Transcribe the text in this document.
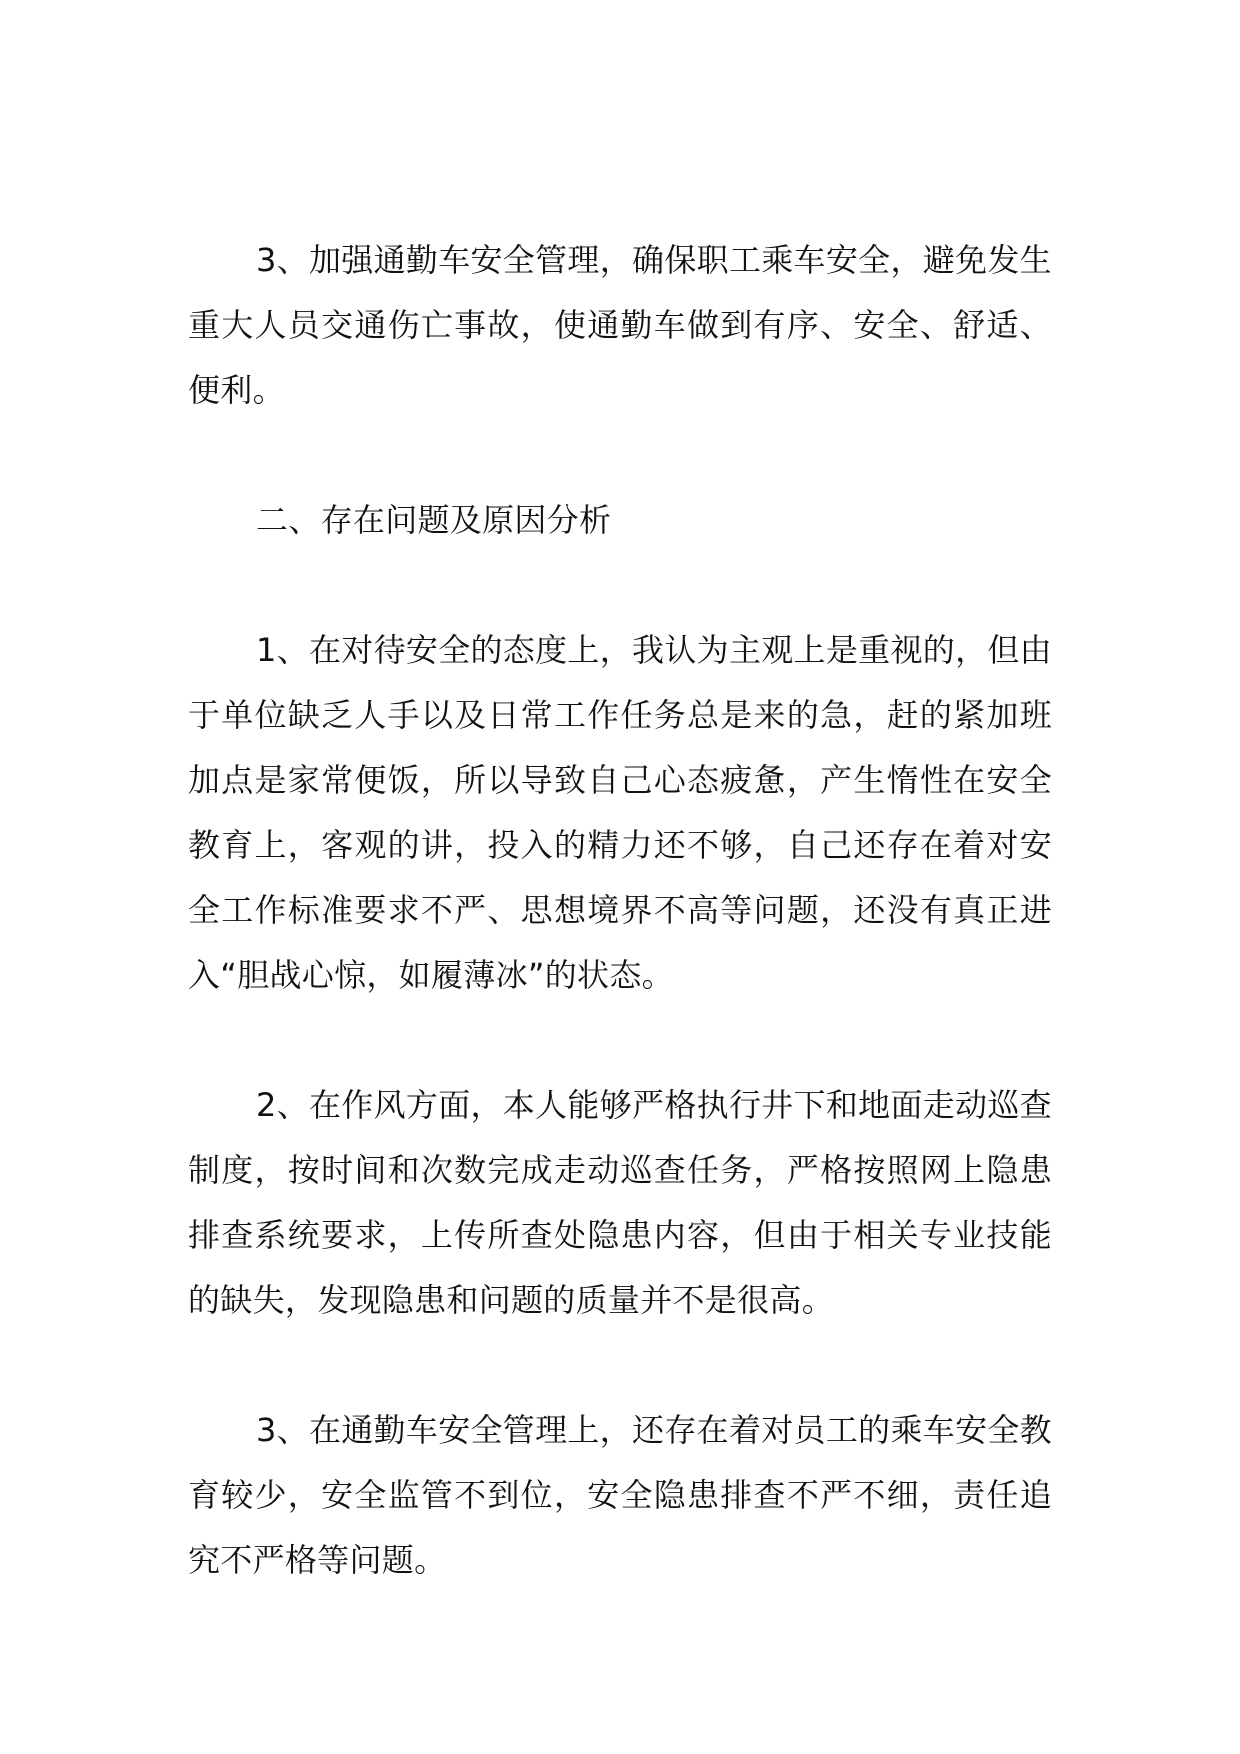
3、加强通勤车安全管理，确保职工乘车安全，避免发生重大人员交通伤亡事故，使通勤车做到有序、安全、舒适、便利。

二、存在问题及原因分析

1、在对待安全的态度上，我认为主观上是重视的，但由于单位缺乏人手以及日常工作任务总是来的急，赶的紧加班加点是家常便饭，所以导致自己心态疲惫，产生惰性在安全教育上，客观的讲，投入的精力还不够，自己还存在着对安全工作标准要求不严、思想境界不高等问题，还没有真正进入“胆战心惊，如履薄冰”的状态。

2、在作风方面，本人能够严格执行井下和地面走动巡查制度，按时间和次数完成走动巡查任务，严格按照网上隐患排查系统要求，上传所查处隐患内容，但由于相关专业技能的缺失，发现隐患和问题的质量并不是很高。

3、在通勤车安全管理上，还存在着对员工的乘车安全教育较少，安全监管不到位，安全隐患排查不严不细，责任追究不严格等问题。
